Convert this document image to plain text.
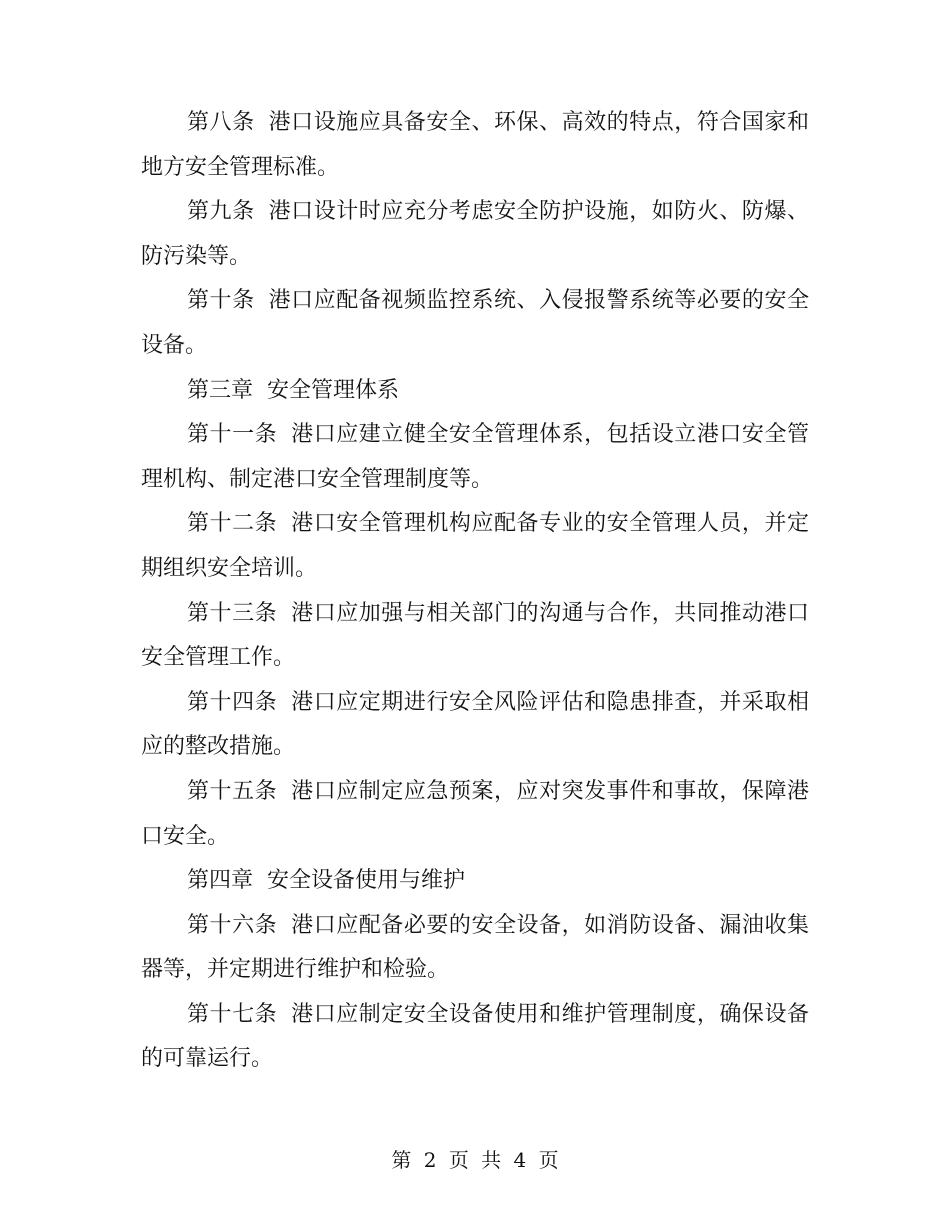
第八条 港口设施应具备安全、环保、高效的特点，符合国家和地方安全管理标准。

第九条 港口设计时应充分考虑安全防护设施，如防火、防爆、防污染等。

第十条 港口应配备视频监控系统、入侵报警系统等必要的安全设备。

第三章 安全管理体系

第十一条 港口应建立健全安全管理体系，包括设立港口安全管理机构、制定港口安全管理制度等。

第十二条 港口安全管理机构应配备专业的安全管理人员，并定期组织安全培训。

第十三条 港口应加强与相关部门的沟通与合作，共同推动港口安全管理工作。

第十四条 港口应定期进行安全风险评估和隐患排查，并采取相应的整改措施。

第十五条 港口应制定应急预案，应对突发事件和事故，保障港口安全。

第四章 安全设备使用与维护

第十六条 港口应配备必要的安全设备，如消防设备、漏油收集器等，并定期进行维护和检验。

第十七条 港口应制定安全设备使用和维护管理制度，确保设备的可靠运行。

第 2 页 共 4 页
